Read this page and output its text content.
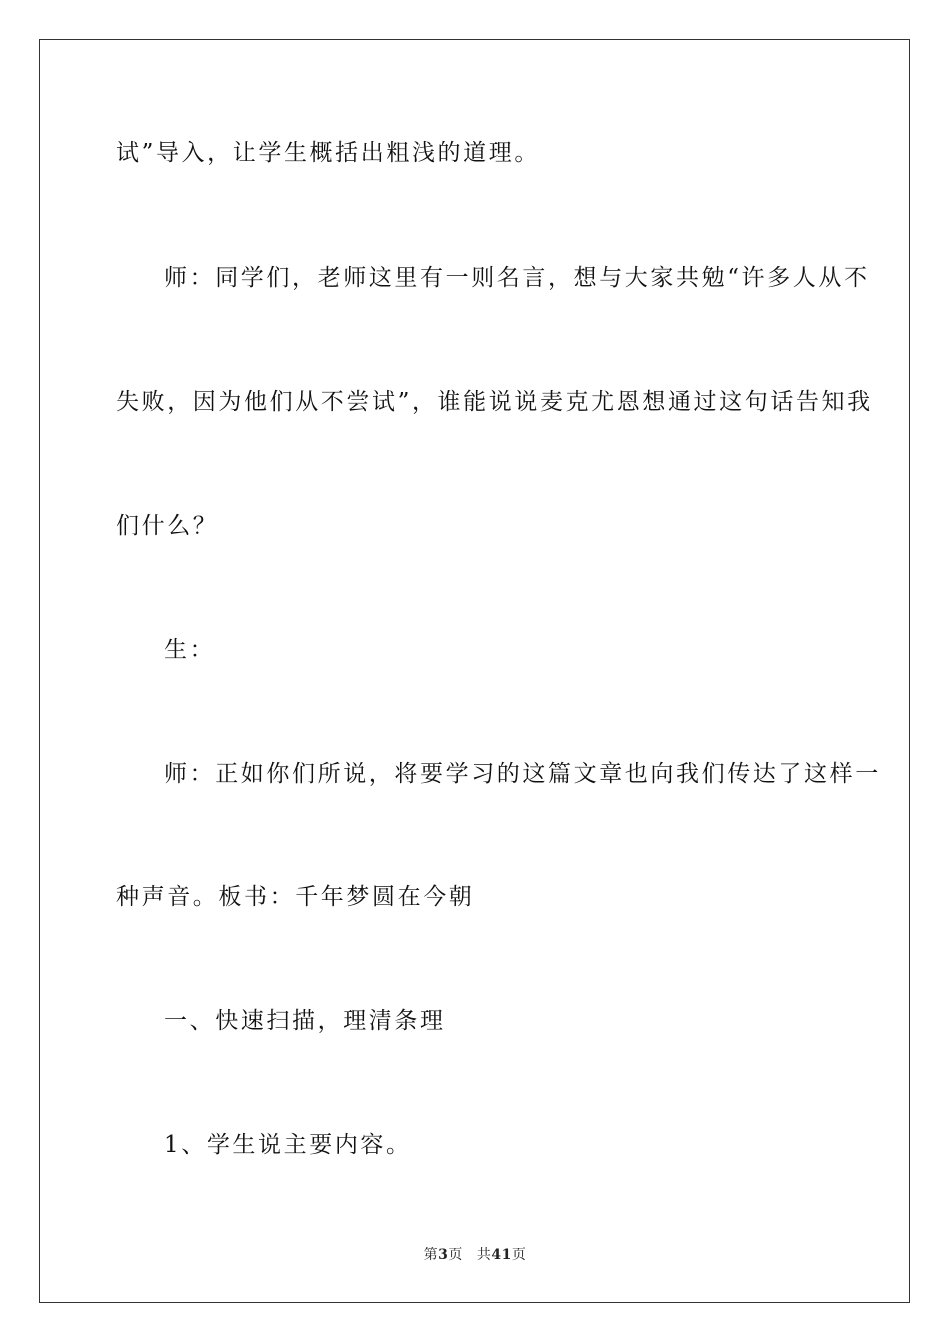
试”导入，让学生概括出粗浅的道理。
师：同学们，老师这里有一则名言，想与大家共勉“许多人从不
失败，因为他们从不尝试”，谁能说说麦克尤恩想通过这句话告知我
们什么？
生：
师：正如你们所说，将要学习的这篇文章也向我们传达了这样一
种声音。板书：千年梦圆在今朝
一、快速扫描，理清条理
1、学生说主要内容。
第3页 共41页
